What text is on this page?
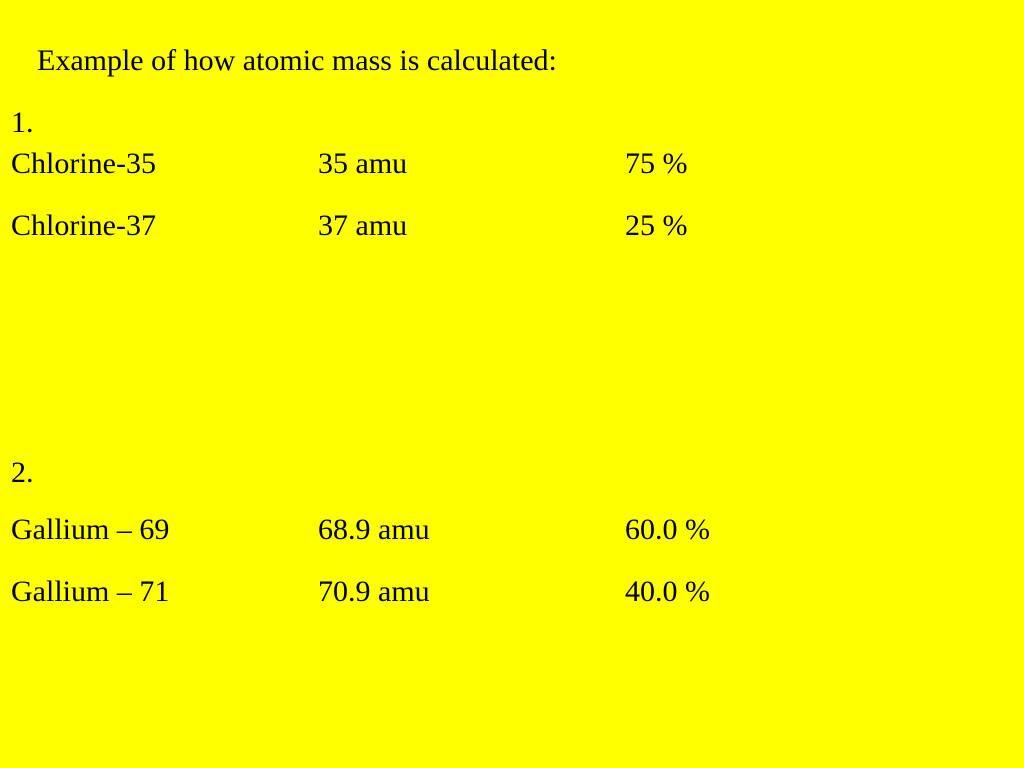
Example of how atomic mass is calculated:
1.
Chlorine-35	35 amu	75 %
Chlorine-37	37 amu	25 %
2.
Gallium – 69	68.9 amu	60.0 %
Gallium – 71	70.9 amu	40.0 %
